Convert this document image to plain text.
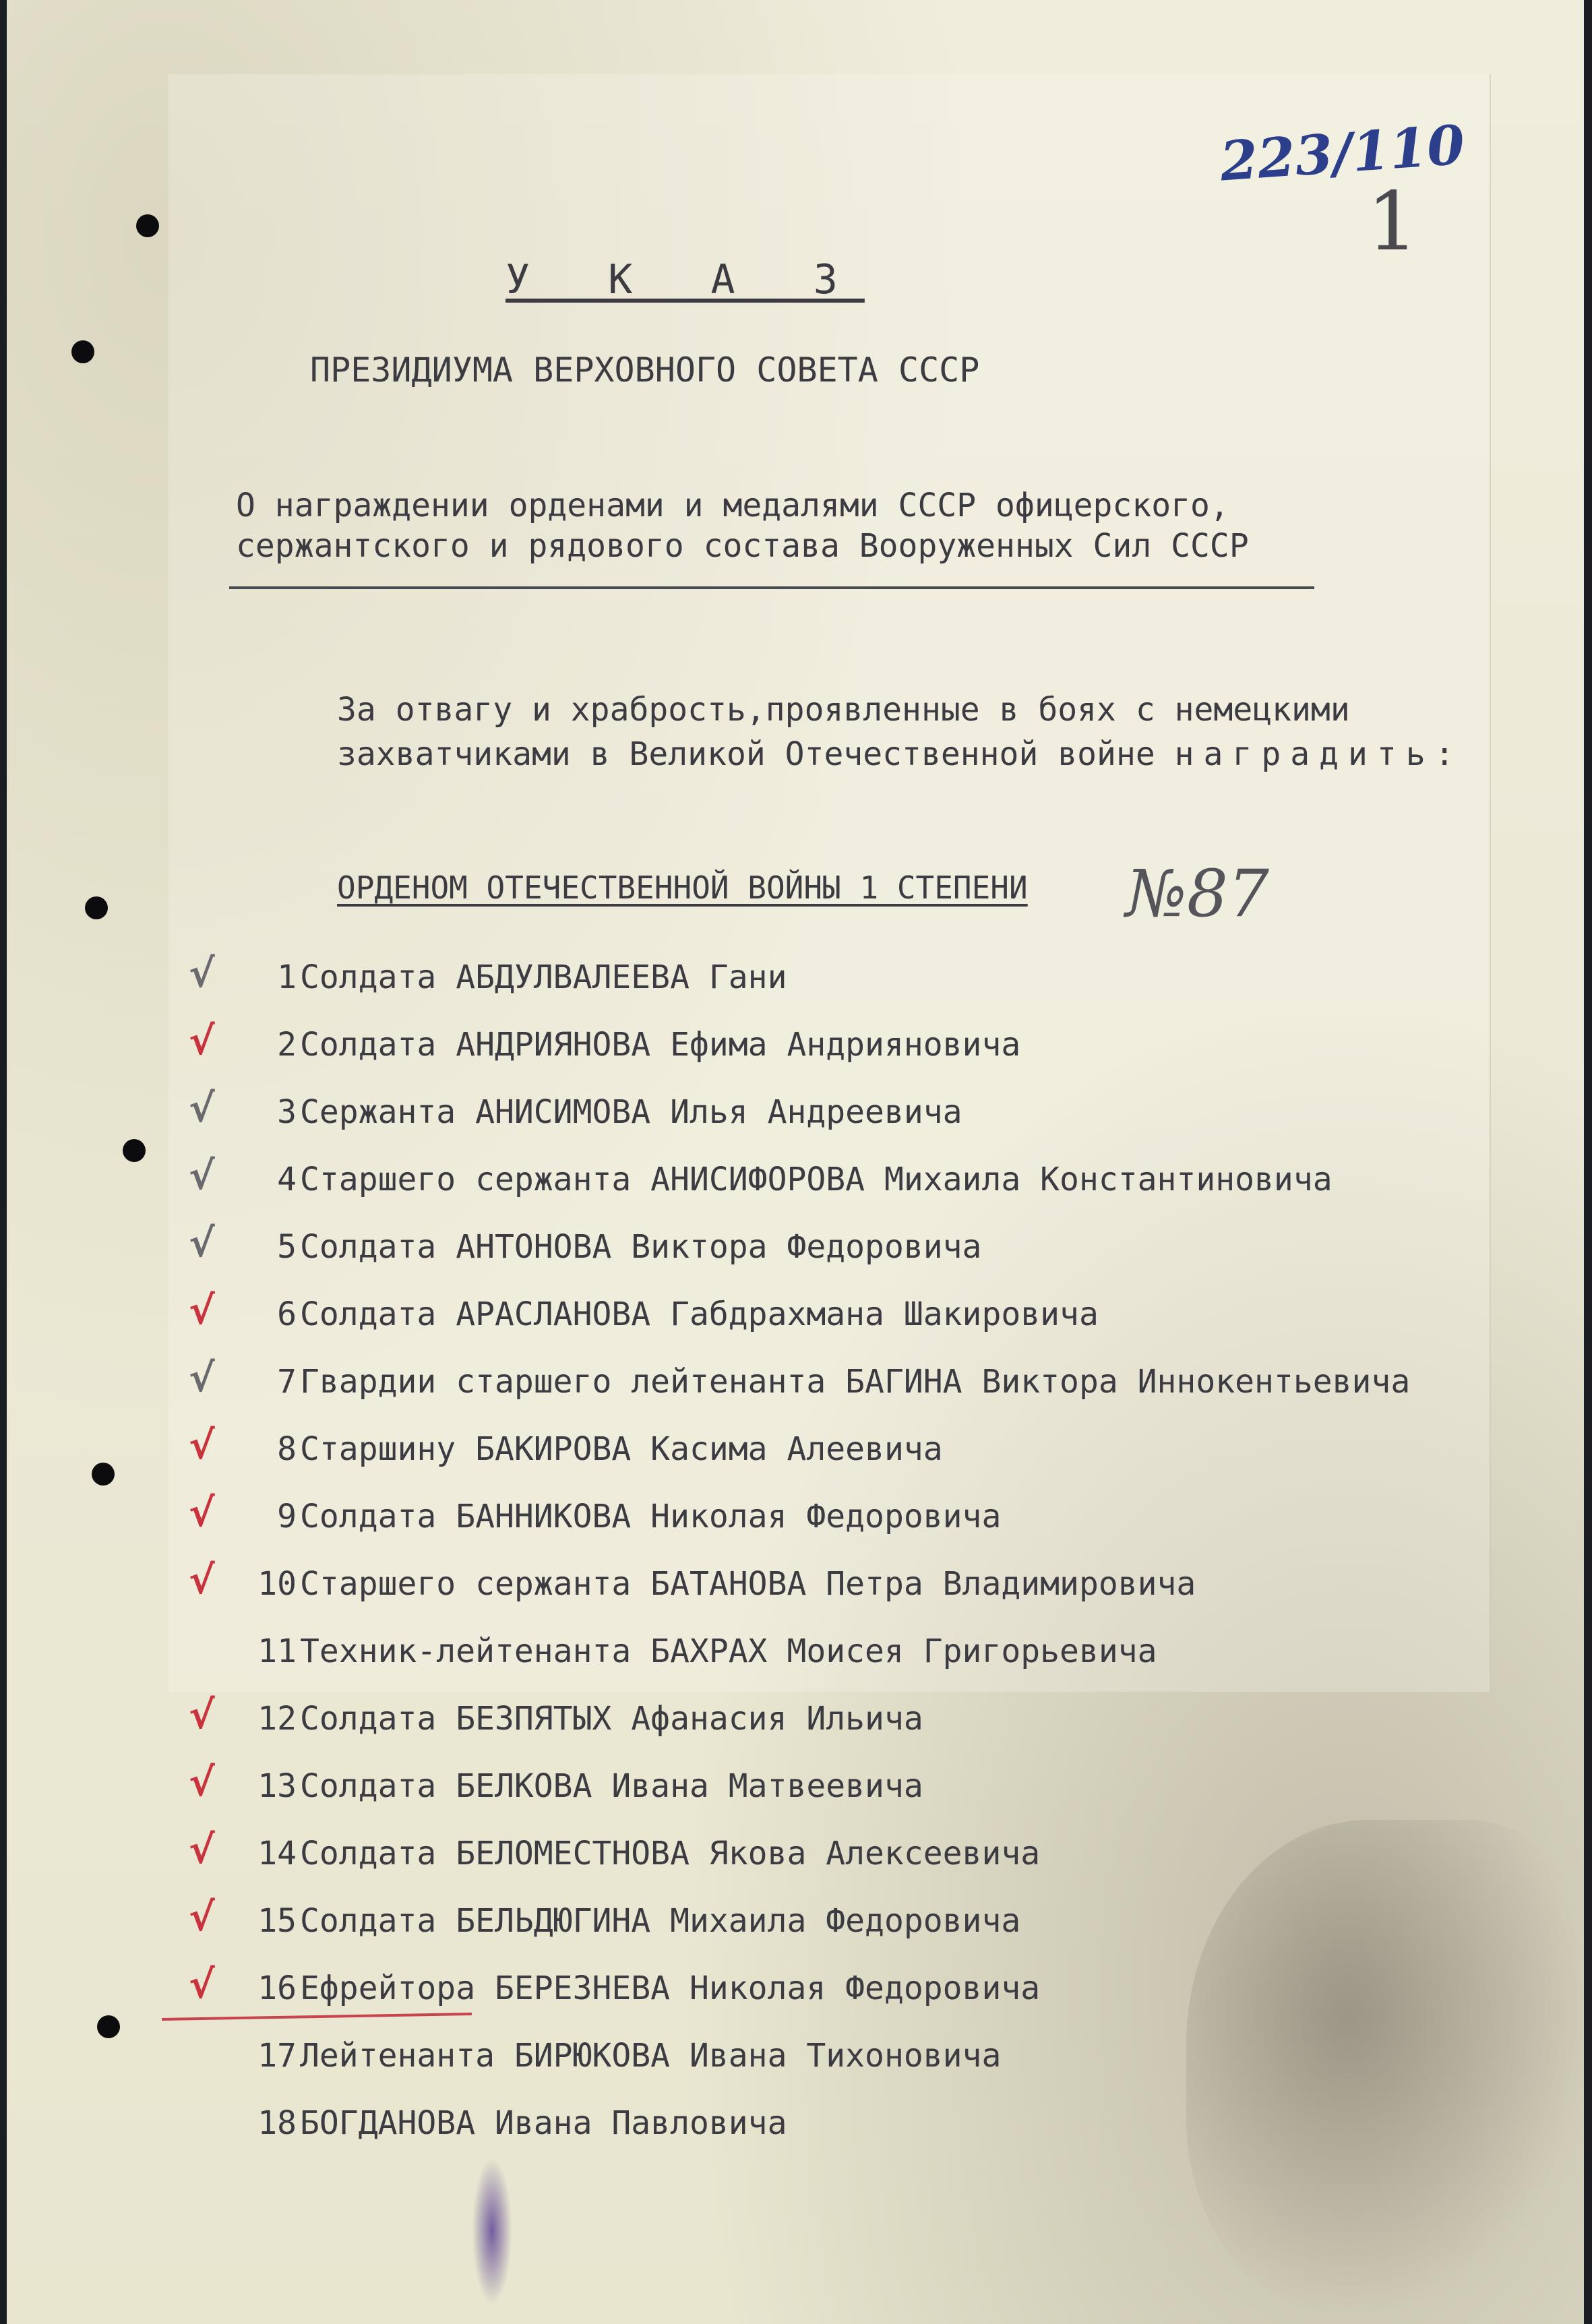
223/110
1
У К А З
ПРЕЗИДИУМА ВЕРХОВНОГО СОВЕТА СССР
О награждении орденами и медалями СССР офицерского, сержантского и рядового состава Вооруженных Сил СССР
За отвагу и храбрость,проявленные в боях с немецкими захватчиками в Великой Отечественной войне наградить:
ОРДЕНОМ ОТЕЧЕСТВЕННОЙ ВОЙНЫ 1 СТЕПЕНИ №87
√	1 Солдата АБДУЛВАЛЕЕВА Гани
√	2 Солдата АНДРИЯНОВА Ефима Андрияновича
√	3 Сержанта АНИСИМОВА Илья Андреевича
√	4 Старшего сержанта АНИСИФОРОВА Михаила Константиновича
√	5 Солдата АНТОНОВА Виктора Федоровича
√	6 Солдата АРАСЛАНОВА Габдрахмана Шакировича
√	7 Гвардии старшего лейтенанта БАГИНА Виктора Иннокентьевича
√	8 Старшину БАКИРОВА Касима Алеевича
√	9 Солдата БАННИКОВА Николая Федоровича
√	10 Старшего сержанта БАТАНОВА Петра Владимировича
11 Техник-лейтенанта БАХРАХ Моисея Григорьевича
√	12 Солдата БЕЗПЯТЫХ Афанасия Ильича
√	13 Солдата БЕЛКОВА Ивана Матвеевича
√	14 Солдата БЕЛОМЕСТНОВА Якова Алексеевича
√	15 Солдата БЕЛЬДЮГИНА Михаила Федоровича
√	16 Ефрейтора БЕРЕЗНЕВА Николая Федоровича
17 Лейтенанта БИРЮКОВА Ивана Тихоновича
18 БОГДАНОВА Ивана Павловича
